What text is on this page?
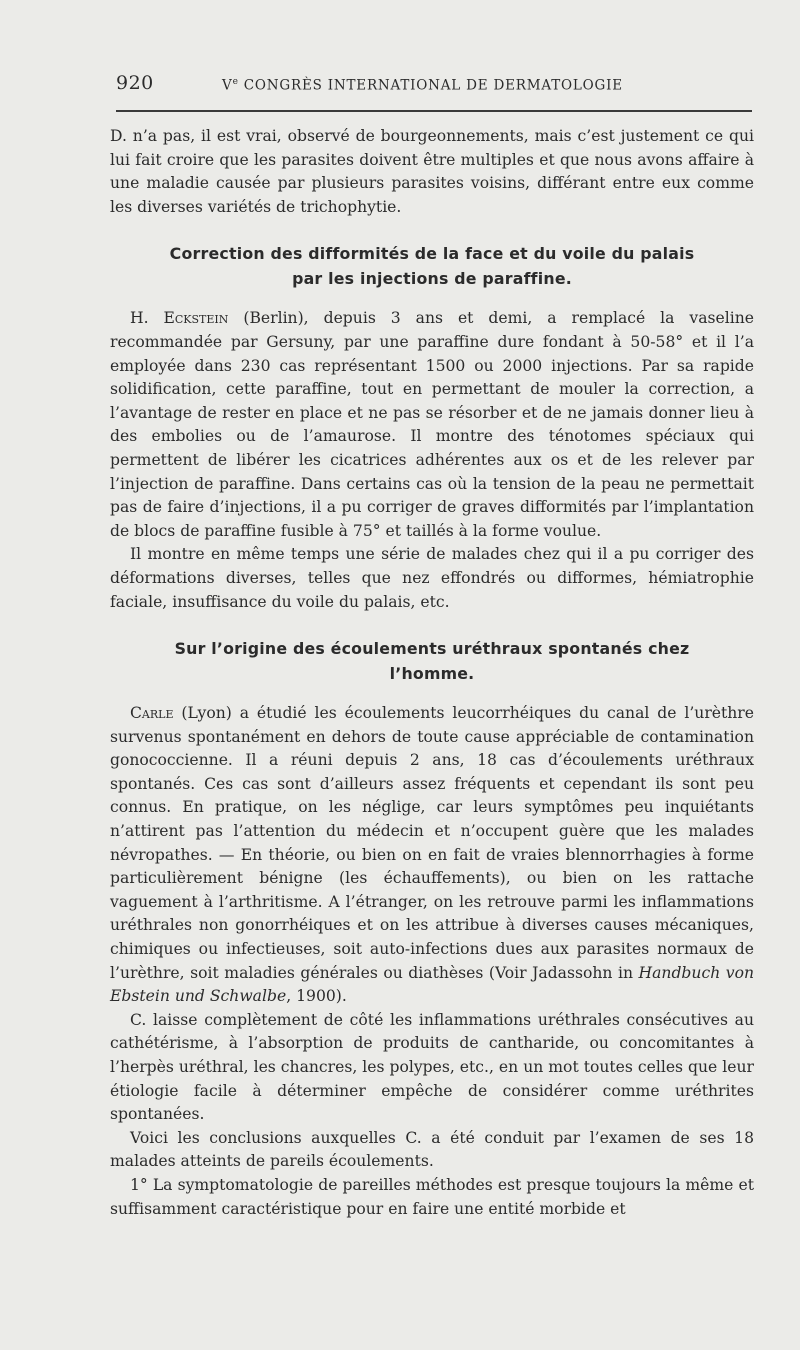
920	Ve CONGRÈS INTERNATIONAL DE DERMATOLOGIE

D. n’a pas, il est vrai, observé de bourgeonnements, mais c’est justement ce qui lui fait croire que les parasites doivent être multiples et que nous avons affaire à une maladie causée par plusieurs parasites voisins, différant entre eux comme les diverses variétés de trichophytie.

Correction des difformités de la face et du voile du palais
par les injections de paraffine.

H. Eckstein (Berlin), depuis 3 ans et demi, a remplacé la vaseline recommandée par Gersuny, par une paraffine dure fondant à 50-58° et il l’a employée dans 230 cas représentant 1500 ou 2000 injections. Par sa rapide solidification, cette paraffine, tout en permettant de mouler la correction, a l’avantage de rester en place et ne pas se résorber et de ne jamais donner lieu à des embolies ou de l’amaurose. Il montre des ténotomes spéciaux qui permettent de libérer les cicatrices adhérentes aux os et de les relever par l’injection de paraffine. Dans certains cas où la tension de la peau ne permettait pas de faire d’injections, il a pu corriger de graves difformités par l’implantation de blocs de paraffine fusible à 75° et taillés à la forme voulue.

Il montre en même temps une série de malades chez qui il a pu corriger des déformations diverses, telles que nez effondrés ou difformes, hémiatrophie faciale, insuffisance du voile du palais, etc.

Sur l’origine des écoulements uréthraux spontanés chez
l’homme.

Carle (Lyon) a étudié les écoulements leucorrhéiques du canal de l’urèthre survenus spontanément en dehors de toute cause appréciable de contamination gonococcienne. Il a réuni depuis 2 ans, 18 cas d’écoulements uréthraux spontanés. Ces cas sont d’ailleurs assez fréquents et cependant ils sont peu connus. En pratique, on les néglige, car leurs symptômes peu inquiétants n’attirent pas l’attention du médecin et n’occupent guère que les malades névropathes. — En théorie, ou bien on en fait de vraies blennorrhagies à forme particulièrement bénigne (les échauffements), ou bien on les rattache vaguement à l’arthritisme. A l’étranger, on les retrouve parmi les inflammations uréthrales non gonorrhéiques et on les attribue à diverses causes mécaniques, chimiques ou infectieuses, soit auto-infections dues aux parasites normaux de l’urèthre, soit maladies générales ou diathèses (Voir Jadassohn in Handbuch von Ebstein und Schwalbe, 1900).

C. laisse complètement de côté les inflammations uréthrales consécutives au cathétérisme, à l’absorption de produits de cantharide, ou concomitantes à l’herpès uréthral, les chancres, les polypes, etc., en un mot toutes celles que leur étiologie facile à déterminer empêche de considérer comme uréthrites spontanées.

Voici les conclusions auxquelles C. a été conduit par l’examen de ses 18 malades atteints de pareils écoulements.

1° La symptomatologie de pareilles méthodes est presque toujours la même et suffisamment caractéristique pour en faire une entité morbide et
